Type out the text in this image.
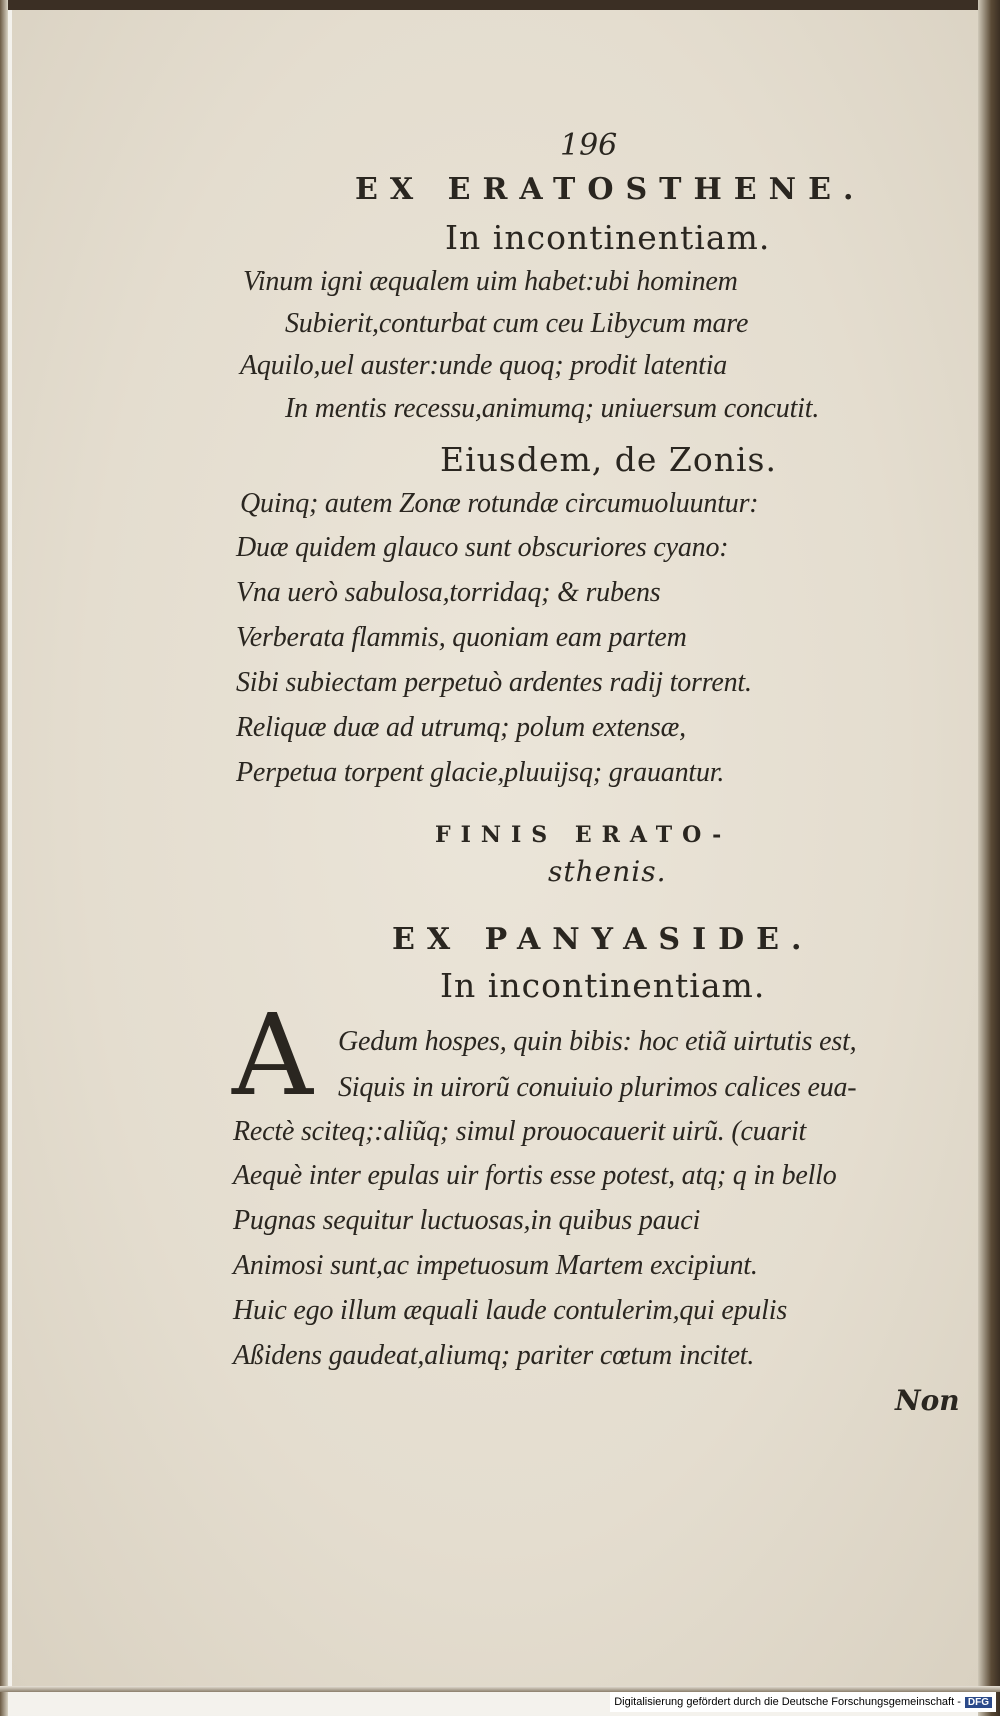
196
EX ERATOSTHENE.
In incontinentiam.
Vinum igni æqualem uim habet:ubi hominem
Subierit,conturbat cum ceu Libycum mare
Aquilo,uel auster:unde quoq; prodit latentia
In mentis recessu,animumq; uniuersum concutit.
Eiusdem, de Zonis.
Quinq; autem Zonæ rotundæ circumuoluuntur:
Duæ quidem glauco sunt obscuriores cyano:
Vna uerò sabulosa,torridaq; & rubens
Verberata flammis, quoniam eam partem
Sibi subiectam perpetuò ardentes radij torrent.
Reliquæ duæ ad utrumq; polum extensæ,
Perpetua torpent glacie,pluuijsq; grauantur.
FINIS ERATO-
sthenis.
EX PANYASIDE.
In incontinentiam.
A Gedum hospes, quin bibis: hoc etiã uirtutis est,
Siquis in uirorũ conuiuio plurimos calices eua-
Rectè sciteq;:aliũq; simul prouocauerit uirũ. (cuarit
Aequè inter epulas uir fortis esse potest, atq; q in bello
Pugnas sequitur luctuosas,in quibus pauci
Animosi sunt,ac impetuosum Martem excipiunt.
Huic ego illum æquali laude contulerim,qui epulis
Aßidens gaudeat,aliumq; pariter cœtum incitet.
Non
Digitalisierung gefördert durch die Deutsche Forschungsgemeinschaft - DFG
